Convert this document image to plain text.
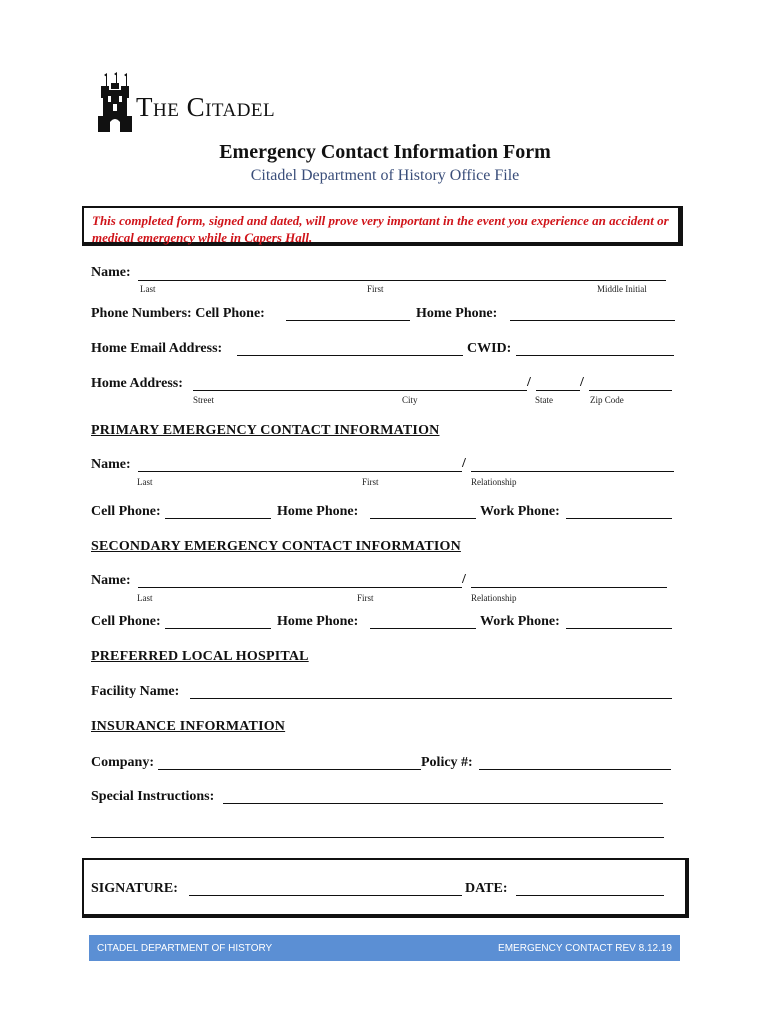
The Citadel
Emergency Contact Information Form
Citadel Department of History Office File
This completed form, signed and dated, will prove very important in the event you experience an accident or medical emergency while in Capers Hall.
Name:
Last	First	Middle Initial
Phone Numbers: Cell Phone:	Home Phone:
Home Email Address:	CWID:
Home Address:	/	/
Street	City	State	Zip Code
PRIMARY EMERGENCY CONTACT INFORMATION
Name:	/
Last	First	Relationship
Cell Phone:	Home Phone:	Work Phone:
SECONDARY EMERGENCY CONTACT INFORMATION
Name:	/
Last	First	Relationship
Cell Phone:	Home Phone:	Work Phone:
PREFERRED LOCAL HOSPITAL
Facility Name:
INSURANCE INFORMATION
Company:	Policy #:
Special Instructions:
SIGNATURE:	DATE:
CITADEL DEPARTMENT OF HISTORY	EMERGENCY CONTACT REV 8.12.19
